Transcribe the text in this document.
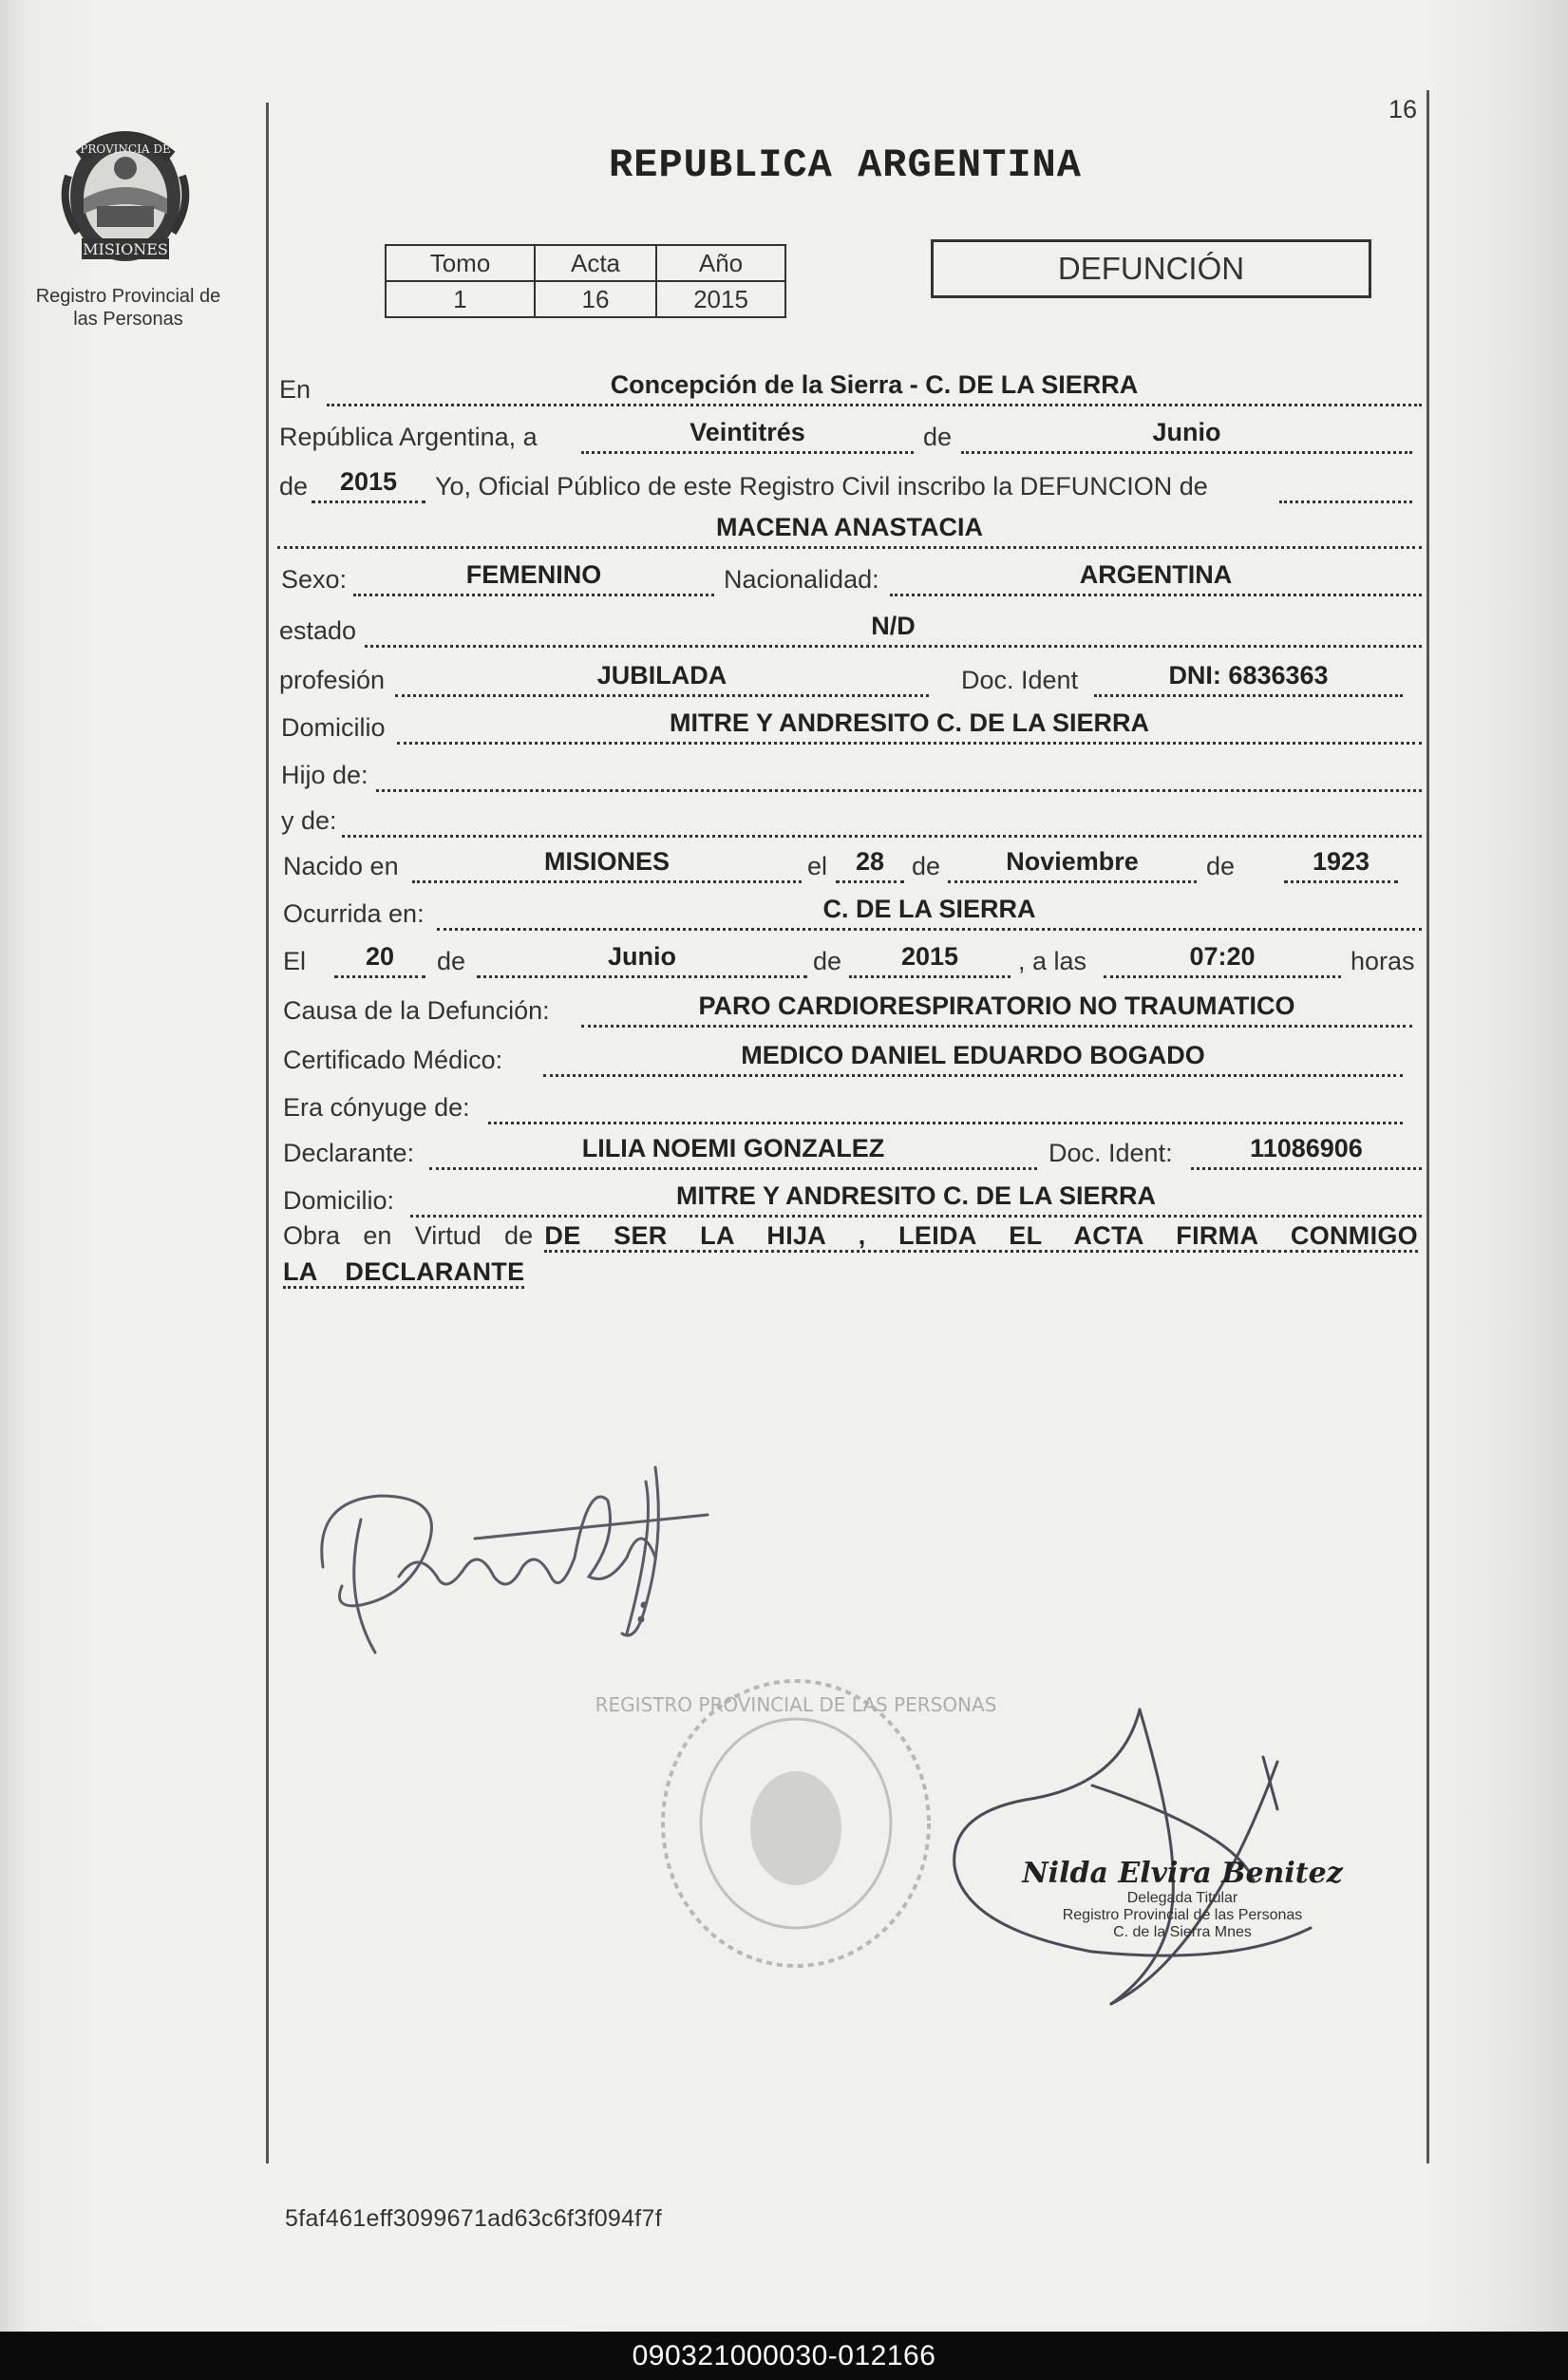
16
PROVINCIA DE
MISIONES
Registro Provincial de
las Personas
REPUBLICA ARGENTINA
Tomo	Acta	Año
1	16	2015
DEFUNCIÓN
En	Concepción de la Sierra - C. DE LA SIERRA
República Argentina, a	Veintitrés	de	Junio
de	2015	Yo, Oficial Público de este Registro Civil inscribo la DEFUNCION de
MACENA ANASTACIA
Sexo:	FEMENINO	Nacionalidad:	ARGENTINA
estado	N/D
profesión	JUBILADA	Doc. Ident	DNI: 6836363
Domicilio	MITRE Y ANDRESITO C. DE LA SIERRA
Hijo de:
y de:
Nacido en	MISIONES	el	28	de	Noviembre	de	1923
Ocurrida en:	C. DE LA SIERRA
El	20	de	Junio	de	2015	, a las	07:20	horas
Causa de la Defunción:	PARO CARDIORESPIRATORIO NO TRAUMATICO
Certificado Médico:	MEDICO DANIEL EDUARDO BOGADO
Era cónyuge de:
Declarante:	LILIA NOEMI GONZALEZ	Doc. Ident:	11086906
Domicilio:	MITRE Y ANDRESITO C. DE LA SIERRA
Obra en Virtud de DE SER LA HIJA , LEIDA EL ACTA FIRMA CONMIGO LA DECLARANTE
REGISTRO PROVINCIAL DE LAS PERSONAS
Nilda Elvira Benitez
Delegada Titular
Registro Provincial de las Personas
C. de la Sierra Mnes
5faf461eff3099671ad63c6f3f094f7f
090321000030-012166
